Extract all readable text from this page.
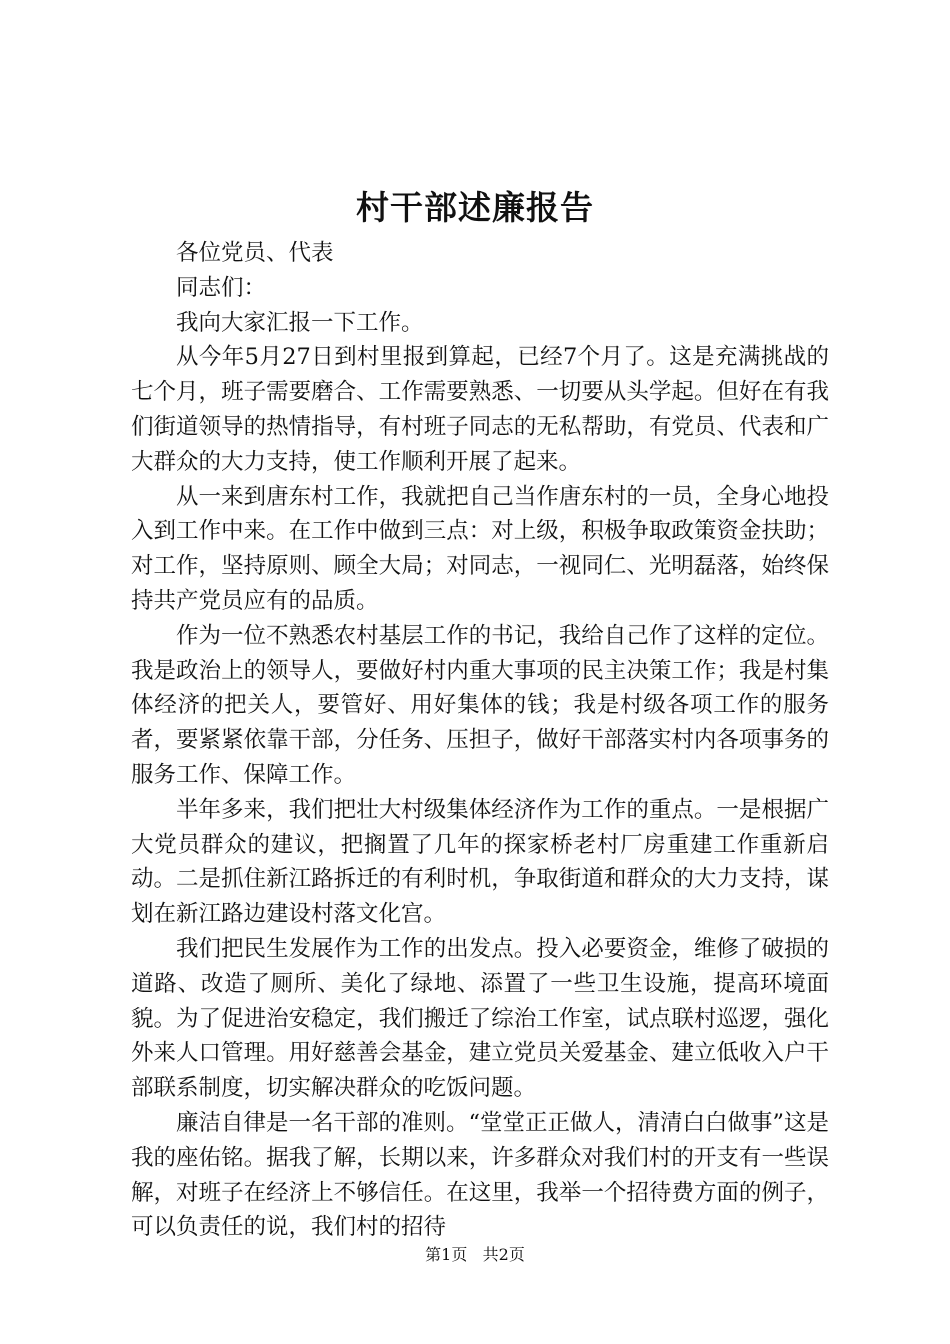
村干部述廉报告

各位党员、代表

同志们：

我向大家汇报一下工作。

从今年5月27日到村里报到算起，已经7个月了。这是充满挑战的七个月，班子需要磨合、工作需要熟悉、一切要从头学起。但好在有我们街道领导的热情指导，有村班子同志的无私帮助，有党员、代表和广大群众的大力支持，使工作顺利开展了起来。

从一来到唐东村工作，我就把自己当作唐东村的一员，全身心地投入到工作中来。在工作中做到三点：对上级，积极争取政策资金扶助；对工作，坚持原则、顾全大局；对同志，一视同仁、光明磊落，始终保持共产党员应有的品质。

作为一位不熟悉农村基层工作的书记，我给自己作了这样的定位。我是政治上的领导人，要做好村内重大事项的民主决策工作；我是村集体经济的把关人，要管好、用好集体的钱；我是村级各项工作的服务者，要紧紧依靠干部，分任务、压担子，做好干部落实村内各项事务的服务工作、保障工作。

半年多来，我们把壮大村级集体经济作为工作的重点。一是根据广大党员群众的建议，把搁置了几年的探家桥老村厂房重建工作重新启动。二是抓住新江路拆迁的有利时机，争取街道和群众的大力支持，谋划在新江路边建设村落文化宫。

我们把民生发展作为工作的出发点。投入必要资金，维修了破损的道路、改造了厕所、美化了绿地、添置了一些卫生设施，提高环境面貌。为了促进治安稳定，我们搬迁了综治工作室，试点联村巡逻，强化外来人口管理。用好慈善会基金，建立党员关爱基金、建立低收入户干部联系制度，切实解决群众的吃饭问题。

廉洁自律是一名干部的准则。“堂堂正正做人，清清白白做事”这是我的座佑铭。据我了解，长期以来，许多群众对我们村的开支有一些误解，对班子在经济上不够信任。在这里，我举一个招待费方面的例子，可以负责任的说，我们村的招待

第1页 共2页
